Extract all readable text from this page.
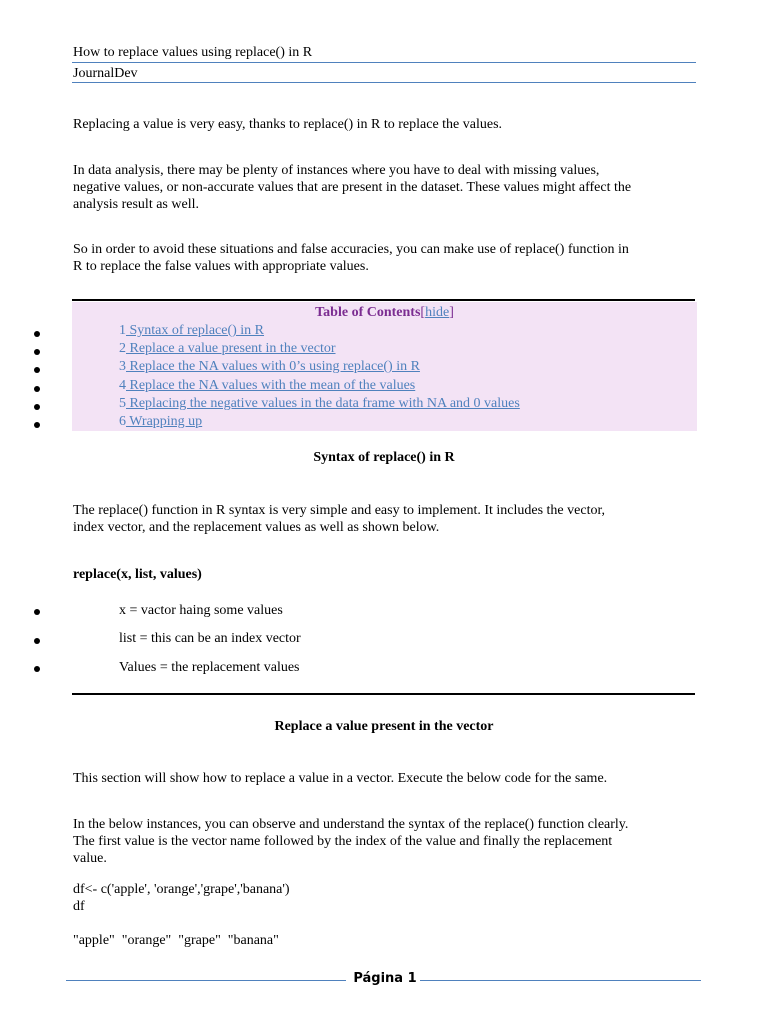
How to replace values using replace() in R
JournalDev
Replacing a value is very easy, thanks to replace() in R to replace the values.
In data analysis, there may be plenty of instances where you have to deal with missing values,
negative values, or non-accurate values that are present in the dataset. These values might affect the
analysis result as well.
So in order to avoid these situations and false accuracies, you can make use of replace() function in
R to replace the false values with appropriate values.
Table of Contents[hide]
1 Syntax of replace() in R
2 Replace a value present in the vector
3 Replace the NA values with 0’s using replace() in R
4 Replace the NA values with the mean of the values
5 Replacing the negative values in the data frame with NA and 0 values
6 Wrapping up
Syntax of replace() in R
The replace() function in R syntax is very simple and easy to implement. It includes the vector,
index vector, and the replacement values as well as shown below.
replace(x, list, values)
x = vactor haing some values
list = this can be an index vector
Values = the replacement values
Replace a value present in the vector
This section will show how to replace a value in a vector. Execute the below code for the same.
In the below instances, you can observe and understand the syntax of the replace() function clearly.
The first value is the vector name followed by the index of the value and finally the replacement
value.
df<- c('apple', 'orange','grape','banana')
df
"apple"  "orange"  "grape"  "banana"
Página 1
